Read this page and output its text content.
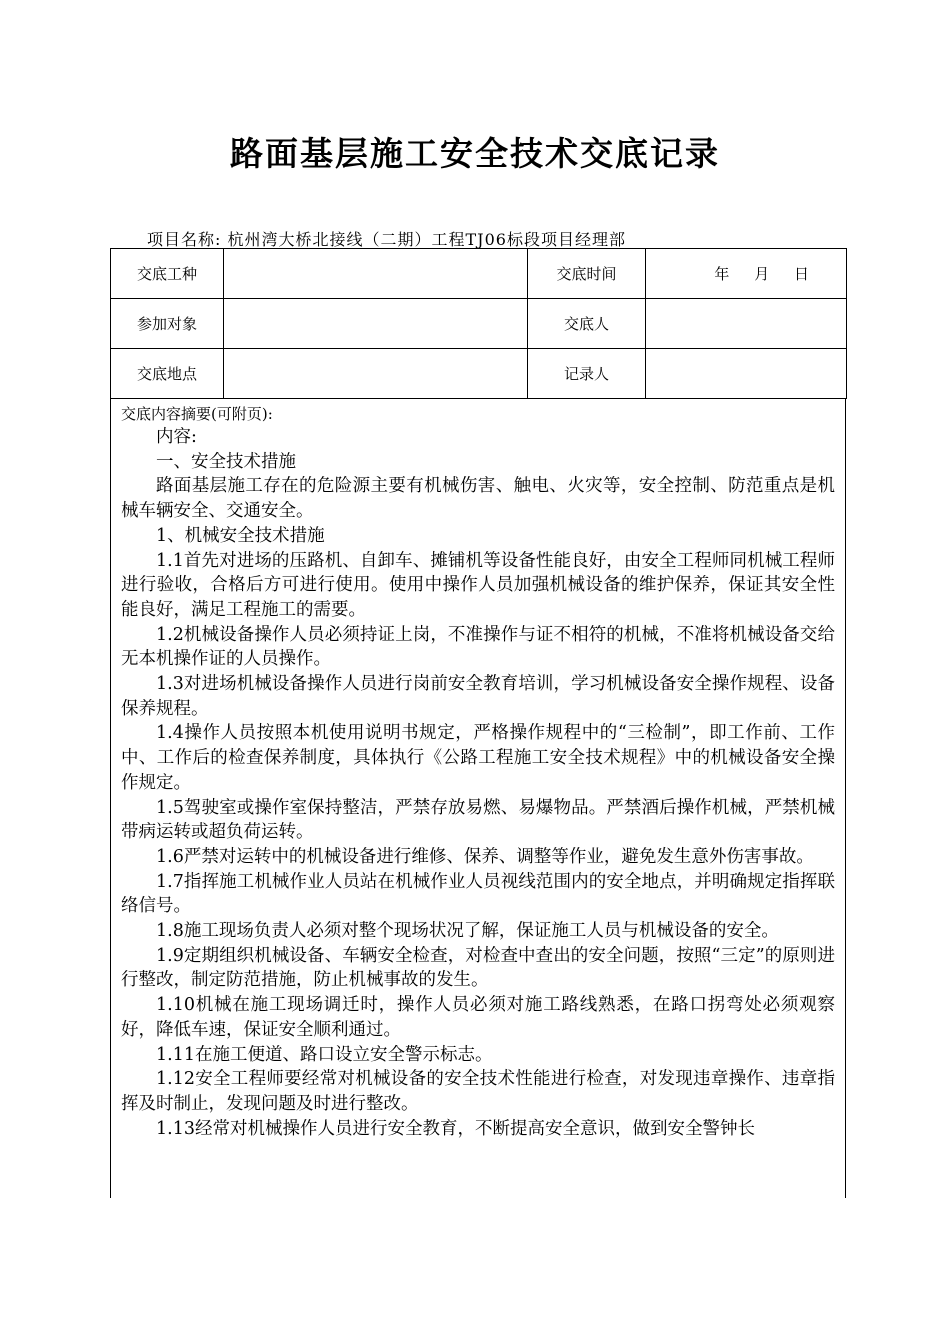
路面基层施工安全技术交底记录
项目名称: 杭州湾大桥北接线（二期）工程TJ06标段项目经理部
交底工种		交底时间	年 月 日
参加对象		交底人	
交底地点		记录人	
交底内容摘要(可附页):

内容:

一、安全技术措施

路面基层施工存在的危险源主要有机械伤害、触电、火灾等，安全控制、防范重点是机械车辆安全、交通安全。

1、机械安全技术措施

1.1首先对进场的压路机、自卸车、摊铺机等设备性能良好，由安全工程师同机械工程师进行验收，合格后方可进行使用。使用中操作人员加强机械设备的维护保养，保证其安全性能良好，满足工程施工的需要。

1.2机械设备操作人员必须持证上岗，不准操作与证不相符的机械，不准将机械设备交给无本机操作证的人员操作。

1.3对进场机械设备操作人员进行岗前安全教育培训，学习机械设备安全操作规程、设备保养规程。

1.4操作人员按照本机使用说明书规定，严格操作规程中的“三检制”，即工作前、工作中、工作后的检查保养制度，具体执行《公路工程施工安全技术规程》中的机械设备安全操作规定。

1.5驾驶室或操作室保持整洁，严禁存放易燃、易爆物品。严禁酒后操作机械，严禁机械带病运转或超负荷运转。

1.6严禁对运转中的机械设备进行维修、保养、调整等作业，避免发生意外伤害事故。

1.7指挥施工机械作业人员站在机械作业人员视线范围内的安全地点，并明确规定指挥联络信号。

1.8施工现场负责人必须对整个现场状况了解，保证施工人员与机械设备的安全。

1.9定期组织机械设备、车辆安全检查，对检查中查出的安全问题，按照“三定”的原则进行整改，制定防范措施，防止机械事故的发生。

1.10机械在施工现场调迁时，操作人员必须对施工路线熟悉，在路口拐弯处必须观察好，降低车速，保证安全顺利通过。

1.11在施工便道、路口设立安全警示标志。

1.12安全工程师要经常对机械设备的安全技术性能进行检查，对发现违章操作、违章指挥及时制止，发现问题及时进行整改。

1.13经常对机械操作人员进行安全教育，不断提高安全意识，做到安全警钟长
